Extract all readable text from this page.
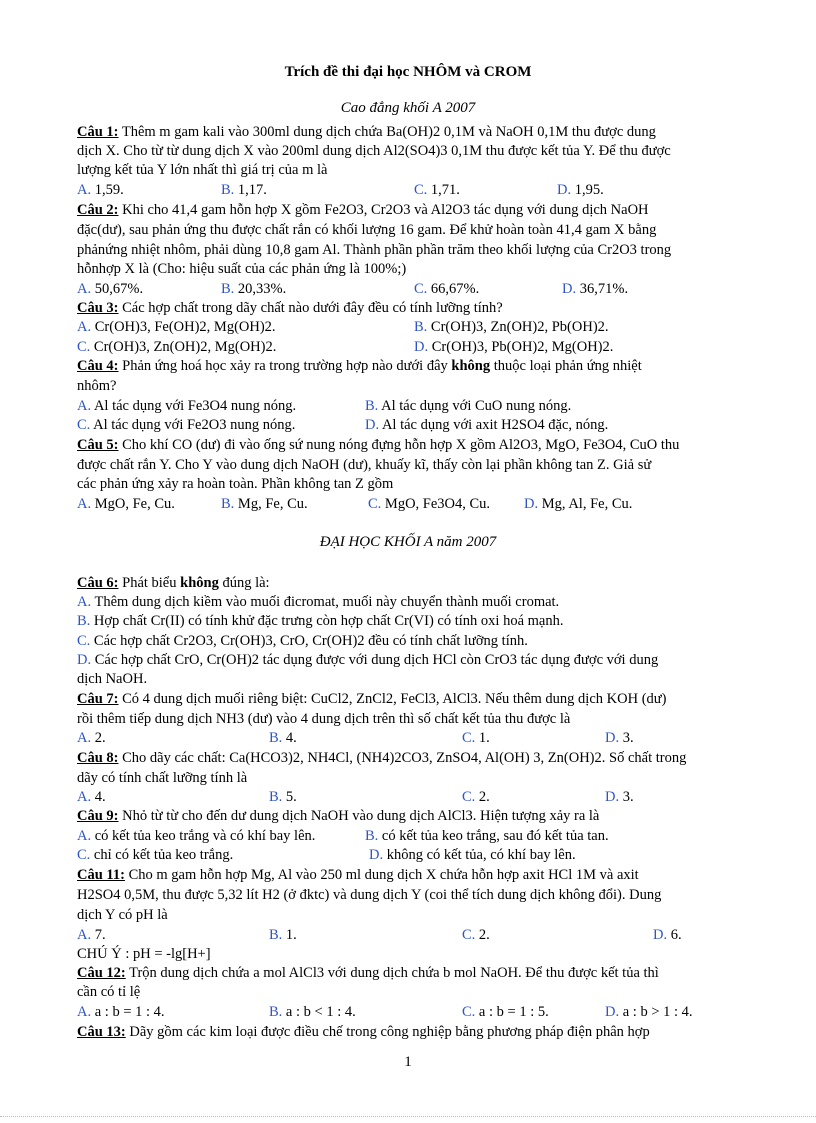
Trích đề thi đại học NHÔM và CROM
Cao đẳng khối A 2007
Câu 1: Thêm m gam kali vào 300ml dung dịch chứa Ba(OH)2 0,1M và NaOH 0,1M thu được dung
dịch X. Cho từ từ dung dịch X vào 200ml dung dịch Al2(SO4)3 0,1M thu được kết tủa Y. Để thu được
lượng kết tủa Y lớn nhất thì giá trị của m là
A. 1,59.	B. 1,17.	C. 1,71.	D. 1,95.
Câu 2: Khi cho 41,4 gam hỗn hợp X gồm Fe2O3, Cr2O3 và Al2O3 tác dụng với dung dịch NaOH
đặc(dư), sau phản ứng thu được chất rắn có khối lượng 16 gam. Để khử hoàn toàn 41,4 gam X bằng
phảnứng nhiệt nhôm, phải dùng 10,8 gam Al. Thành phần phần trăm theo khối lượng của Cr2O3 trong
hỗnhợp X là (Cho: hiệu suất của các phản ứng là 100%;)
A. 50,67%.	B. 20,33%.	C. 66,67%.	D. 36,71%.
Câu 3: Các hợp chất trong dãy chất nào dưới đây đều có tính lưỡng tính?
A. Cr(OH)3, Fe(OH)2, Mg(OH)2.	B. Cr(OH)3, Zn(OH)2, Pb(OH)2.
C. Cr(OH)3, Zn(OH)2, Mg(OH)2.	D. Cr(OH)3, Pb(OH)2, Mg(OH)2.
Câu 4: Phản ứng hoá học xảy ra trong trường hợp nào dưới đây không thuộc loại phản ứng nhiệt
nhôm?
A. Al tác dụng với Fe3O4 nung nóng.	B. Al tác dụng với CuO nung nóng.
C. Al tác dụng với Fe2O3 nung nóng.	D. Al tác dụng với axit H2SO4 đặc, nóng.
Câu 5: Cho khí CO (dư) đi vào ống sứ nung nóng đựng hỗn hợp X gồm Al2O3, MgO, Fe3O4, CuO thu
được chất rắn Y. Cho Y vào dung dịch NaOH (dư), khuấy kĩ, thấy còn lại phần không tan Z. Giả sử
các phản ứng xảy ra hoàn toàn. Phần không tan Z gồm
A. MgO, Fe, Cu.	B. Mg, Fe, Cu.	C. MgO, Fe3O4, Cu. D. Mg, Al, Fe, Cu.
ĐẠI HỌC KHỐI A năm 2007
Câu 6: Phát biểu không đúng là:
A. Thêm dung dịch kiềm vào muối đicromat, muối này chuyển thành muối cromat.
B. Hợp chất Cr(II) có tính khử đặc trưng còn hợp chất Cr(VI) có tính oxi hoá mạnh.
C. Các hợp chất Cr2O3, Cr(OH)3, CrO, Cr(OH)2 đều có tính chất lưỡng tính.
D. Các hợp chất CrO, Cr(OH)2 tác dụng được với dung dịch HCl còn CrO3 tác dụng được với dung
dịch NaOH.
Câu 7: Có 4 dung dịch muối riêng biệt: CuCl2, ZnCl2, FeCl3, AlCl3. Nếu thêm dung dịch KOH (dư)
rồi thêm tiếp dung dịch NH3 (dư) vào 4 dung dịch trên thì số chất kết tủa thu được là
A. 2.	B. 4.	C. 1.	D. 3.
Câu 8: Cho dãy các chất: Ca(HCO3)2, NH4Cl, (NH4)2CO3, ZnSO4, Al(OH) 3, Zn(OH)2. Số chất trong
dãy có tính chất lưỡng tính là
A. 4.	B. 5.	C. 2.	D. 3.
Câu 9: Nhỏ từ từ cho đến dư dung dịch NaOH vào dung dịch AlCl3. Hiện tượng xảy ra là
A. có kết tủa keo trắng và có khí bay lên.	B. có kết tủa keo trắng, sau đó kết tủa tan.
C. chỉ có kết tủa keo trắng.	D. không có kết tủa, có khí bay lên.
Câu 11: Cho m gam hỗn hợp Mg, Al vào 250 ml dung dịch X chứa hỗn hợp axit HCl 1M và axit
H2SO4 0,5M, thu được 5,32 lít H2 (ở đktc) và dung dịch Y (coi thể tích dung dịch không đổi). Dung
dịch Y có pH là
A. 7.	B. 1.	C. 2.	D. 6.
CHÚ Ý : pH = -lg[H+]
Câu 12: Trộn dung dịch chứa a mol AlCl3 với dung dịch chứa b mol NaOH. Để thu được kết tủa thì
cần có tỉ lệ
A. a : b = 1 : 4.	B. a : b < 1 : 4.	C. a : b = 1 : 5.	D. a : b > 1 : 4.
Câu 13: Dãy gồm các kim loại được điều chế trong công nghiệp bằng phương pháp điện phân hợp
1
